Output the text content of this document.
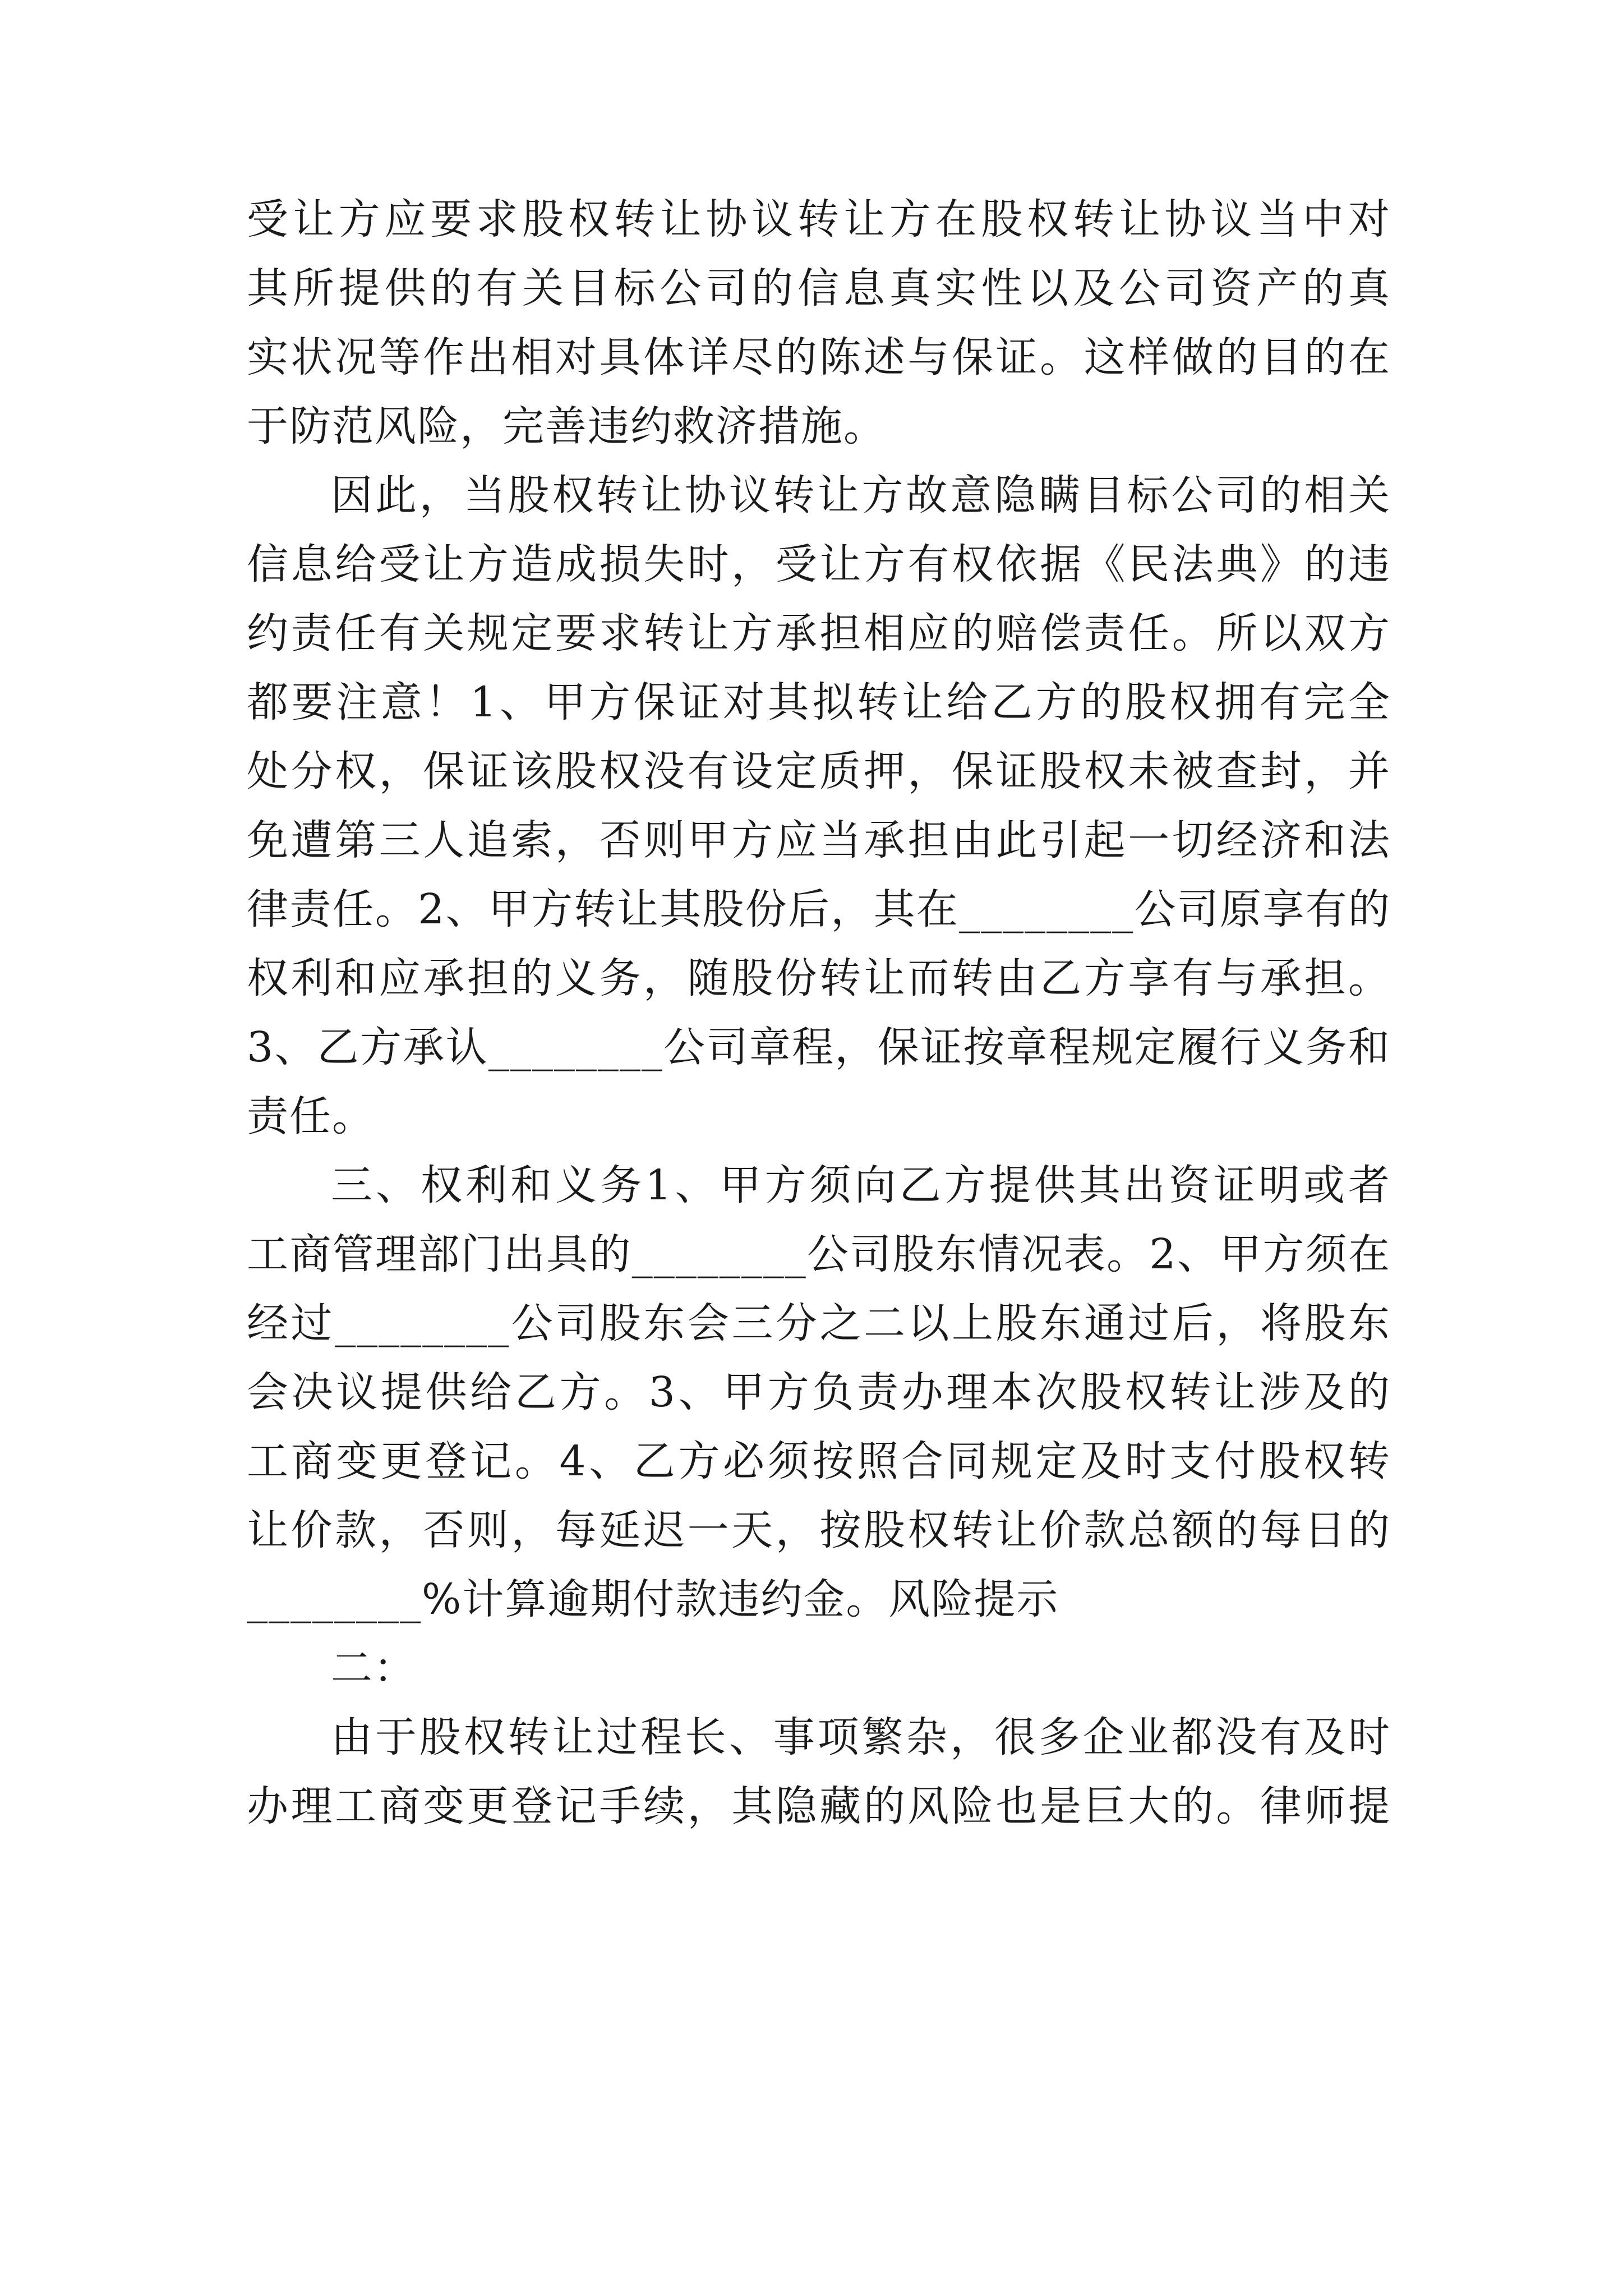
受让方应要求股权转让协议转让方在股权转让协议当中对
其所提供的有关目标公司的信息真实性以及公司资产的真
实状况等作出相对具体详尽的陈述与保证。这样做的目的在
于防范风险，完善违约救济措施。
因此，当股权转让协议转让方故意隐瞒目标公司的相关
信息给受让方造成损失时，受让方有权依据《民法典》的违
约责任有关规定要求转让方承担相应的赔偿责任。所以双方
都要注意！1、甲方保证对其拟转让给乙方的股权拥有完全
处分权，保证该股权没有设定质押，保证股权未被查封，并
免遭第三人追索，否则甲方应当承担由此引起一切经济和法
律责任。2、甲方转让其股份后，其在________公司原享有的
权利和应承担的义务，随股份转让而转由乙方享有与承担。
3、乙方承认________公司章程，保证按章程规定履行义务和
责任。
三、权利和义务1、甲方须向乙方提供其出资证明或者
工商管理部门出具的________公司股东情况表。2、甲方须在
经过________公司股东会三分之二以上股东通过后，将股东
会决议提供给乙方。3、甲方负责办理本次股权转让涉及的
工商变更登记。4、乙方必须按照合同规定及时支付股权转
让价款，否则，每延迟一天，按股权转让价款总额的每日的
________%计算逾期付款违约金。风险提示
二：
由于股权转让过程长、事项繁杂，很多企业都没有及时
办理工商变更登记手续，其隐藏的风险也是巨大的。律师提
